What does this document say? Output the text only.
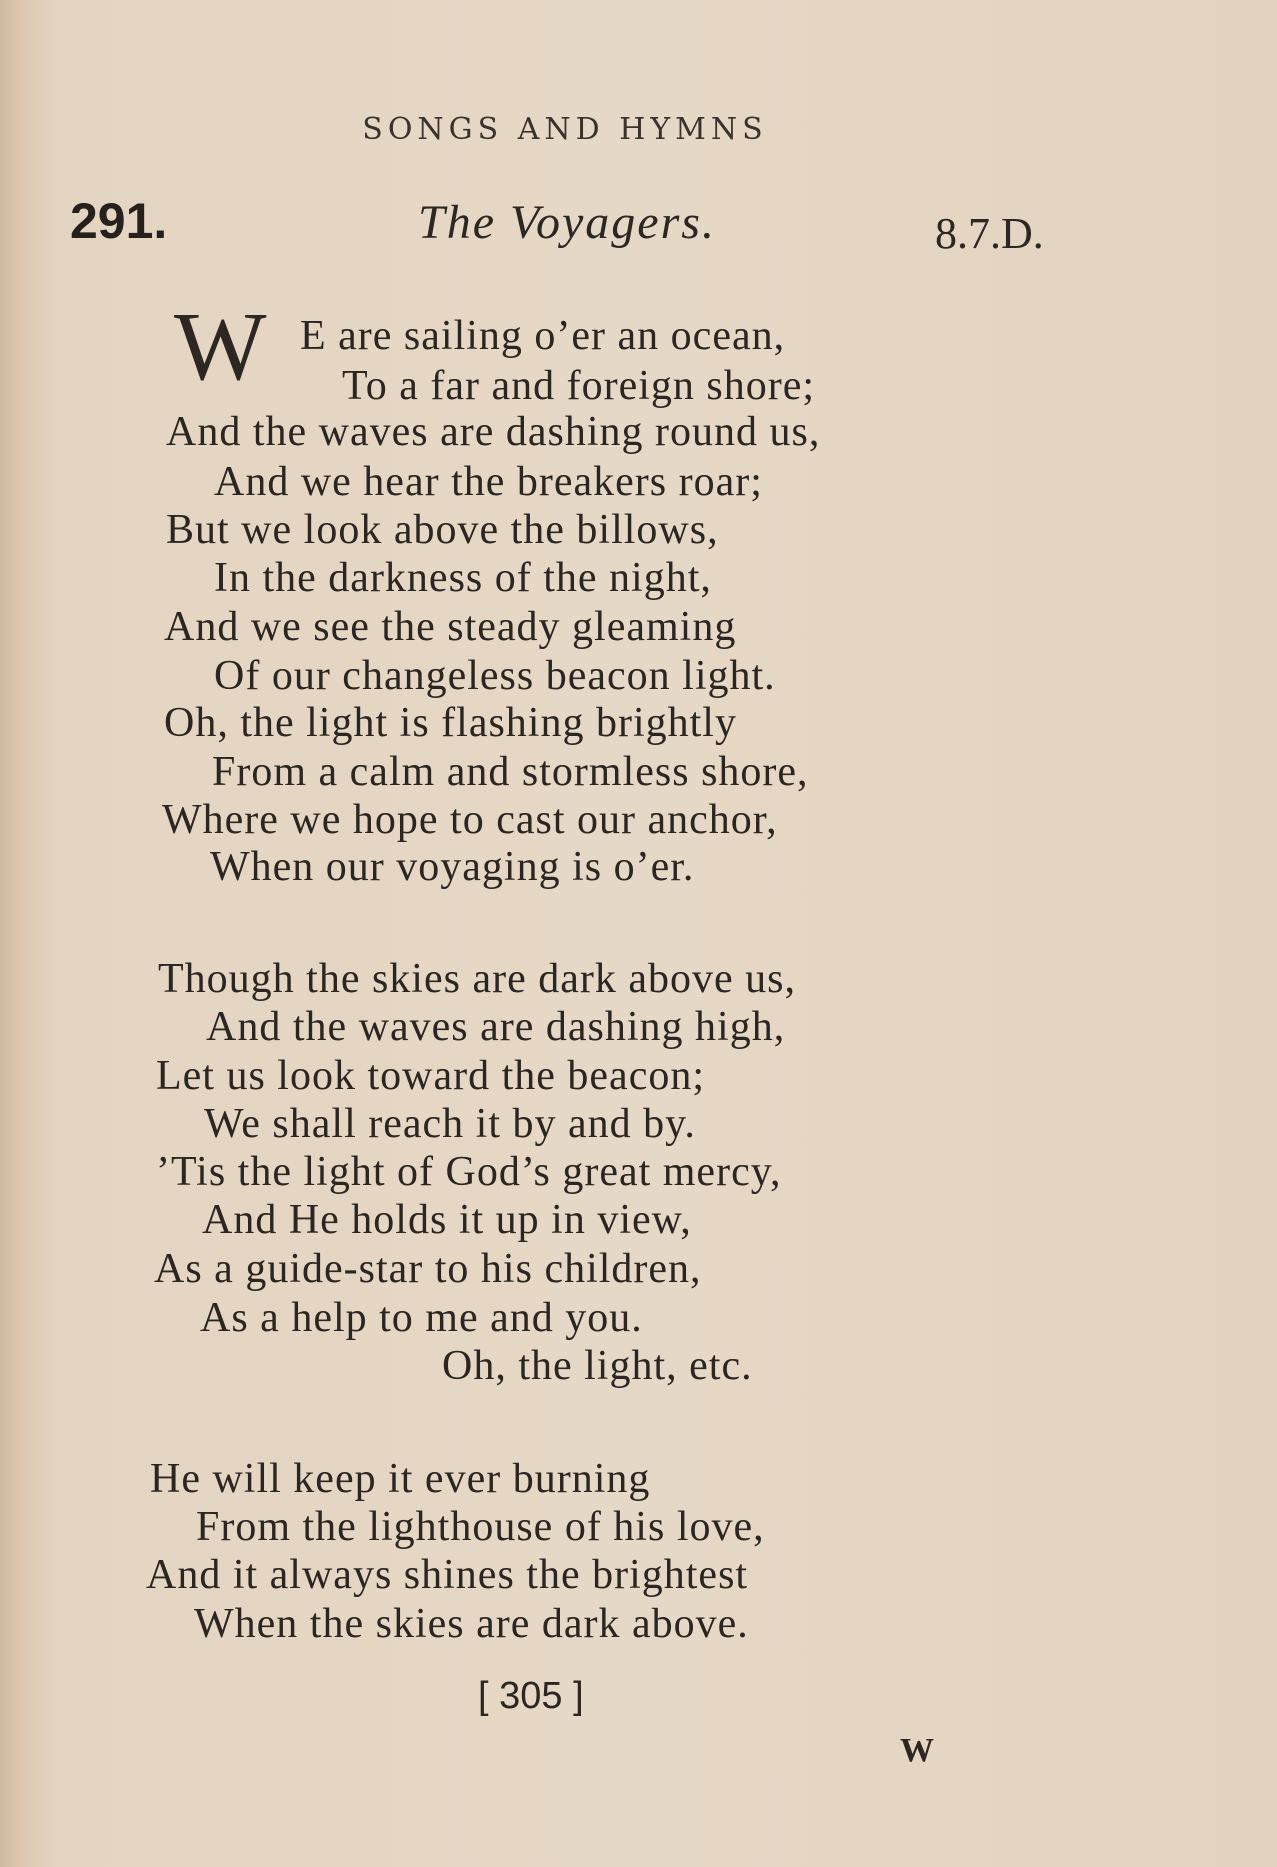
SONGS AND HYMNS
291.	The Voyagers.	8.7.D.
W E are sailing o’er an ocean,
To a far and foreign shore;
And the waves are dashing round us,
And we hear the breakers roar;
But we look above the billows,
In the darkness of the night,
And we see the steady gleaming
Of our changeless beacon light.
Oh, the light is flashing brightly
From a calm and stormless shore,
Where we hope to cast our anchor,
When our voyaging is o’er.
Though the skies are dark above us,
And the waves are dashing high,
Let us look toward the beacon;
We shall reach it by and by.
’Tis the light of God’s great mercy,
And He holds it up in view,
As a guide-star to his children,
As a help to me and you.
Oh, the light, etc.
He will keep it ever burning
From the lighthouse of his love,
And it always shines the brightest
When the skies are dark above.
[ 305 ]
W
